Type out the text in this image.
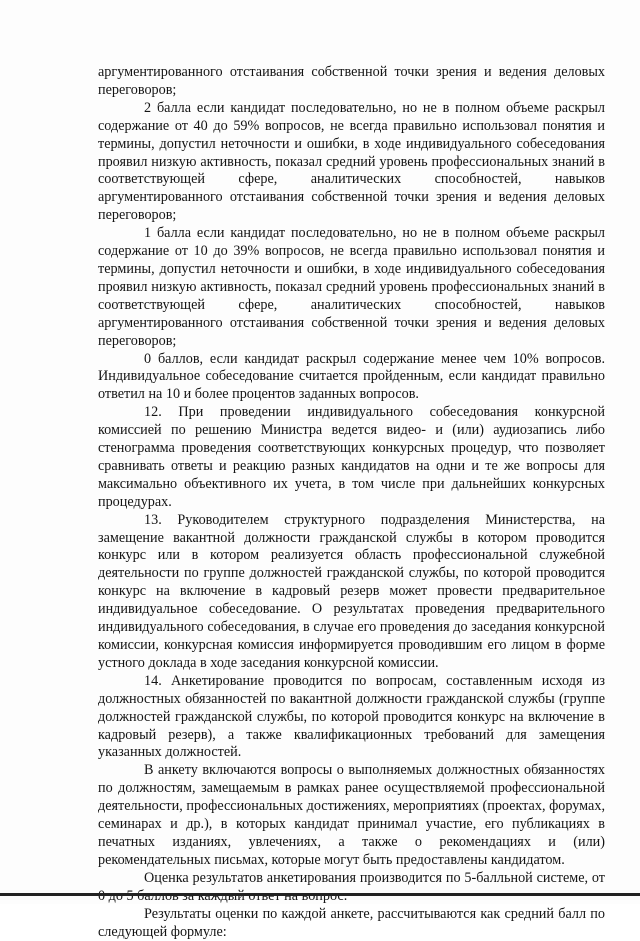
аргументированного отстаивания собственной точки зрения и ведения деловых переговоров;

2 балла если кандидат последовательно, но не в полном объеме раскрыл содержание от 40 до 59% вопросов, не всегда правильно использовал понятия и термины, допустил неточности и ошибки, в ходе индивидуального собеседования проявил низкую активность, показал средний уровень профессиональных знаний в соответствующей сфере, аналитических способностей, навыков аргументированного отстаивания собственной точки зрения и ведения деловых переговоров;

1 балла если кандидат последовательно, но не в полном объеме раскрыл содержание от 10 до 39% вопросов, не всегда правильно использовал понятия и термины, допустил неточности и ошибки, в ходе индивидуального собеседования проявил низкую активность, показал средний уровень профессиональных знаний в соответствующей сфере, аналитических способностей, навыков аргументированного отстаивания собственной точки зрения и ведения деловых переговоров;

0 баллов, если кандидат раскрыл содержание менее чем 10% вопросов. Индивидуальное собеседование считается пройденным, если кандидат правильно ответил на 10 и более процентов заданных вопросов.

12. При проведении индивидуального собеседования конкурсной комиссией по решению Министра ведется видео- и (или) аудиозапись либо стенограмма проведения соответствующих конкурсных процедур, что позволяет сравнивать ответы и реакцию разных кандидатов на одни и те же вопросы для максимально объективного их учета, в том числе при дальнейших конкурсных процедурах.

13. Руководителем структурного подразделения Министерства, на замещение вакантной должности гражданской службы в котором проводится конкурс или в котором реализуется область профессиональной служебной деятельности по группе должностей гражданской службы, по которой проводится конкурс на включение в кадровый резерв может провести предварительное индивидуальное собеседование. О результатах проведения предварительного индивидуального собеседования, в случае его проведения до заседания конкурсной комиссии, конкурсная комиссия информируется проводившим его лицом в форме устного доклада в ходе заседания конкурсной комиссии.

14. Анкетирование проводится по вопросам, составленным исходя из должностных обязанностей по вакантной должности гражданской службы (группе должностей гражданской службы, по которой проводится конкурс на включение в кадровый резерв), а также квалификационных требований для замещения указанных должностей.

В анкету включаются вопросы о выполняемых должностных обязанностях по должностям, замещаемым в рамках ранее осуществляемой профессиональной деятельности, профессиональных достижениях, мероприятиях (проектах, форумах, семинарах и др.), в которых кандидат принимал участие, его публикациях в печатных изданиях, увлечениях, а также о рекомендациях и (или) рекомендательных письмах, которые могут быть предоставлены кандидатом.

Оценка результатов анкетирования производится по 5-балльной системе, от

Результаты оценки по каждой анкете, рассчитываются как средний балл по следующей формуле:
